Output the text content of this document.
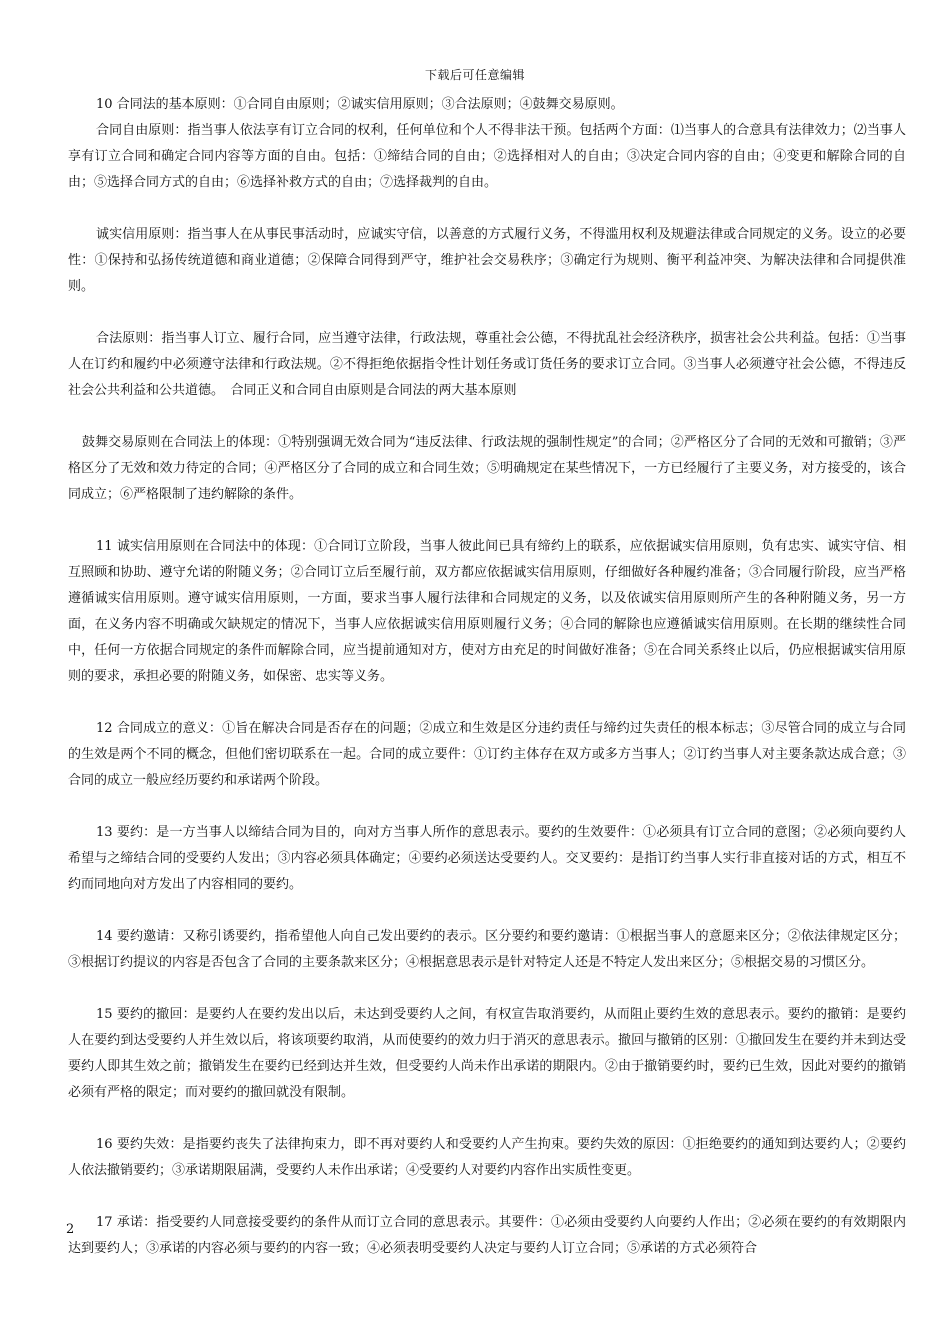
下载后可任意编辑

10 合同法的基本原则：①合同自由原则；②诚实信用原则；③合法原则；④鼓舞交易原则。

合同自由原则：指当事人依法享有订立合同的权利，任何单位和个人不得非法干预。包括两个方面：⑴当事人的合意具有法律效力；⑵当事人享有订立合同和确定合同内容等方面的自由。包括：①缔结合同的自由；②选择相对人的自由；③决定合同内容的自由；④变更和解除合同的自由；⑤选择合同方式的自由；⑥选择补救方式的自由；⑦选择裁判的自由。

诚实信用原则：指当事人在从事民事活动时，应诚实守信，以善意的方式履行义务，不得滥用权利及规避法律或合同规定的义务。设立的必要性：①保持和弘扬传统道德和商业道德；②保障合同得到严守，维护社会交易秩序；③确定行为规则、衡平利益冲突、为解决法律和合同提供准则。

合法原则：指当事人订立、履行合同，应当遵守法律，行政法规，尊重社会公德，不得扰乱社会经济秩序，损害社会公共利益。包括：①当事人在订约和履约中必须遵守法律和行政法规。②不得拒绝依据指令性计划任务或订货任务的要求订立合同。③当事人必须遵守社会公德，不得违反社会公共利益和公共道德。　合同正义和合同自由原则是合同法的两大基本原则

鼓舞交易原则在合同法上的体现：①特别强调无效合同为“违反法律、行政法规的强制性规定”的合同；②严格区分了合同的无效和可撤销；③严格区分了无效和效力待定的合同；④严格区分了合同的成立和合同生效；⑤明确规定在某些情况下，一方已经履行了主要义务，对方接受的，该合同成立；⑥严格限制了违约解除的条件。

11 诚实信用原则在合同法中的体现：①合同订立阶段，当事人彼此间已具有缔约上的联系，应依据诚实信用原则，负有忠实、诚实守信、相互照顾和协助、遵守允诺的附随义务；②合同订立后至履行前，双方都应依据诚实信用原则，仔细做好各种履约准备；③合同履行阶段，应当严格遵循诚实信用原则。遵守诚实信用原则，一方面，要求当事人履行法律和合同规定的义务，以及依诚实信用原则所产生的各种附随义务，另一方面，在义务内容不明确或欠缺规定的情况下，当事人应依据诚实信用原则履行义务；④合同的解除也应遵循诚实信用原则。在长期的继续性合同中，任何一方依据合同规定的条件而解除合同，应当提前通知对方，使对方由充足的时间做好准备；⑤在合同关系终止以后，仍应根据诚实信用原则的要求，承担必要的附随义务，如保密、忠实等义务。

12 合同成立的意义：①旨在解决合同是否存在的问题；②成立和生效是区分违约责任与缔约过失责任的根本标志；③尽管合同的成立与合同的生效是两个不同的概念，但他们密切联系在一起。合同的成立要件：①订约主体存在双方或多方当事人；②订约当事人对主要条款达成合意；③合同的成立一般应经历要约和承诺两个阶段。

13 要约：是一方当事人以缔结合同为目的，向对方当事人所作的意思表示。要约的生效要件：①必须具有订立合同的意图；②必须向要约人希望与之缔结合同的受要约人发出；③内容必须具体确定；④要约必须送达受要约人。交叉要约：是指订约当事人实行非直接对话的方式，相互不约而同地向对方发出了内容相同的要约。

14 要约邀请：又称引诱要约，指希望他人向自己发出要约的表示。区分要约和要约邀请：①根据当事人的意愿来区分；②依法律规定区分；③根据订约提议的内容是否包含了合同的主要条款来区分；④根据意思表示是针对特定人还是不特定人发出来区分；⑤根据交易的习惯区分。

15 要约的撤回：是要约人在要约发出以后，未达到受要约人之间，有权宣告取消要约，从而阻止要约生效的意思表示。要约的撤销：是要约人在要约到达受要约人并生效以后，将该项要约取消，从而使要约的效力归于消灭的意思表示。撤回与撤销的区别：①撤回发生在要约并未到达受要约人即其生效之前；撤销发生在要约已经到达并生效，但受要约人尚未作出承诺的期限内。②由于撤销要约时，要约已生效，因此对要约的撤销必须有严格的限定；而对要约的撤回就没有限制。

16 要约失效：是指要约丧失了法律拘束力，即不再对要约人和受要约人产生拘束。要约失效的原因：①拒绝要约的通知到达要约人；②要约人依法撤销要约；③承诺期限届满，受要约人未作出承诺；④受要约人对要约内容作出实质性变更。

17 承诺：指受要约人同意接受要约的条件从而订立合同的意思表示。其要件：①必须由受要约人向要约人作出；②必须在要约的有效期限内达到要约人；③承诺的内容必须与要约的内容一致；④必须表明受要约人决定与要约人订立合同；⑤承诺的方式必须符合

2
